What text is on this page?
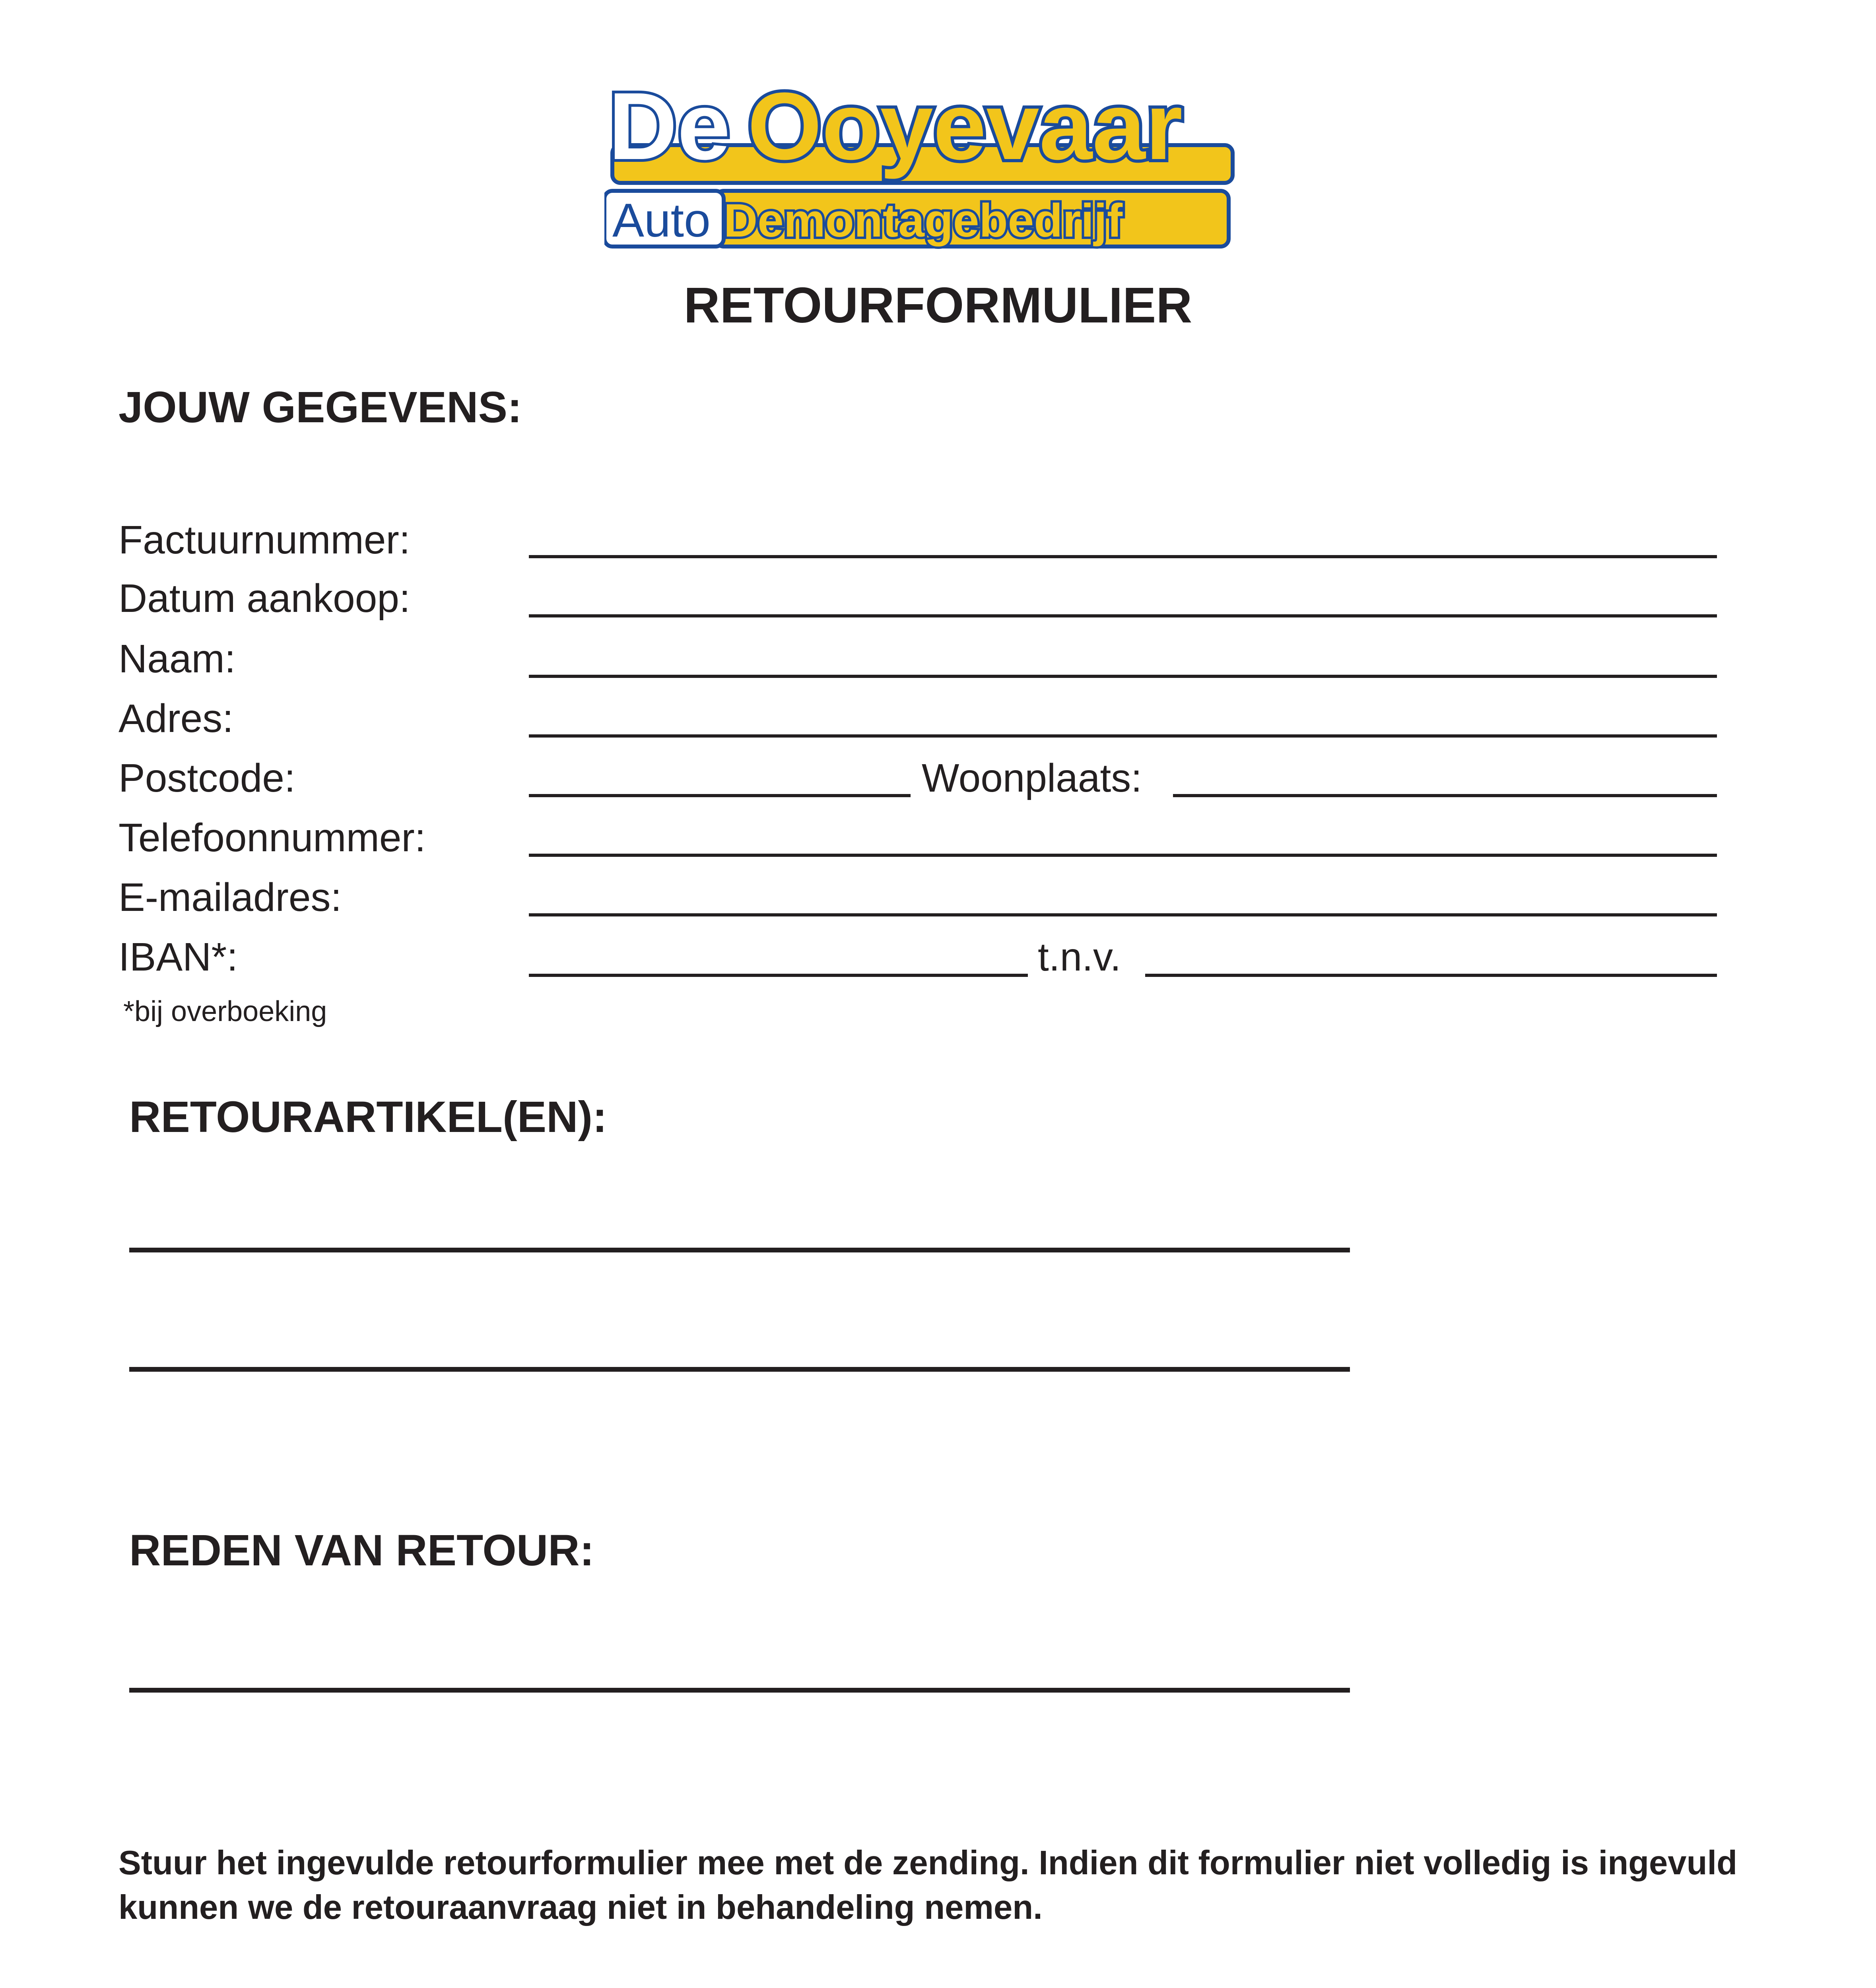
De Ooyevaar
Auto Demontagebedrijf
RETOURFORMULIER
JOUW GEGEVENS:
Factuurnummer:
Datum aankoop:
Naam:
Adres:
Postcode:	Woonplaats:
Telefoonnummer:
E-mailadres:
IBAN*:	t.n.v.
*bij overboeking
RETOURARTIKEL(EN):
REDEN VAN RETOUR:
Stuur het ingevulde retourformulier mee met de zending. Indien dit formulier niet volledig is ingevuld kunnen we de retouraanvraag niet in behandeling nemen.
